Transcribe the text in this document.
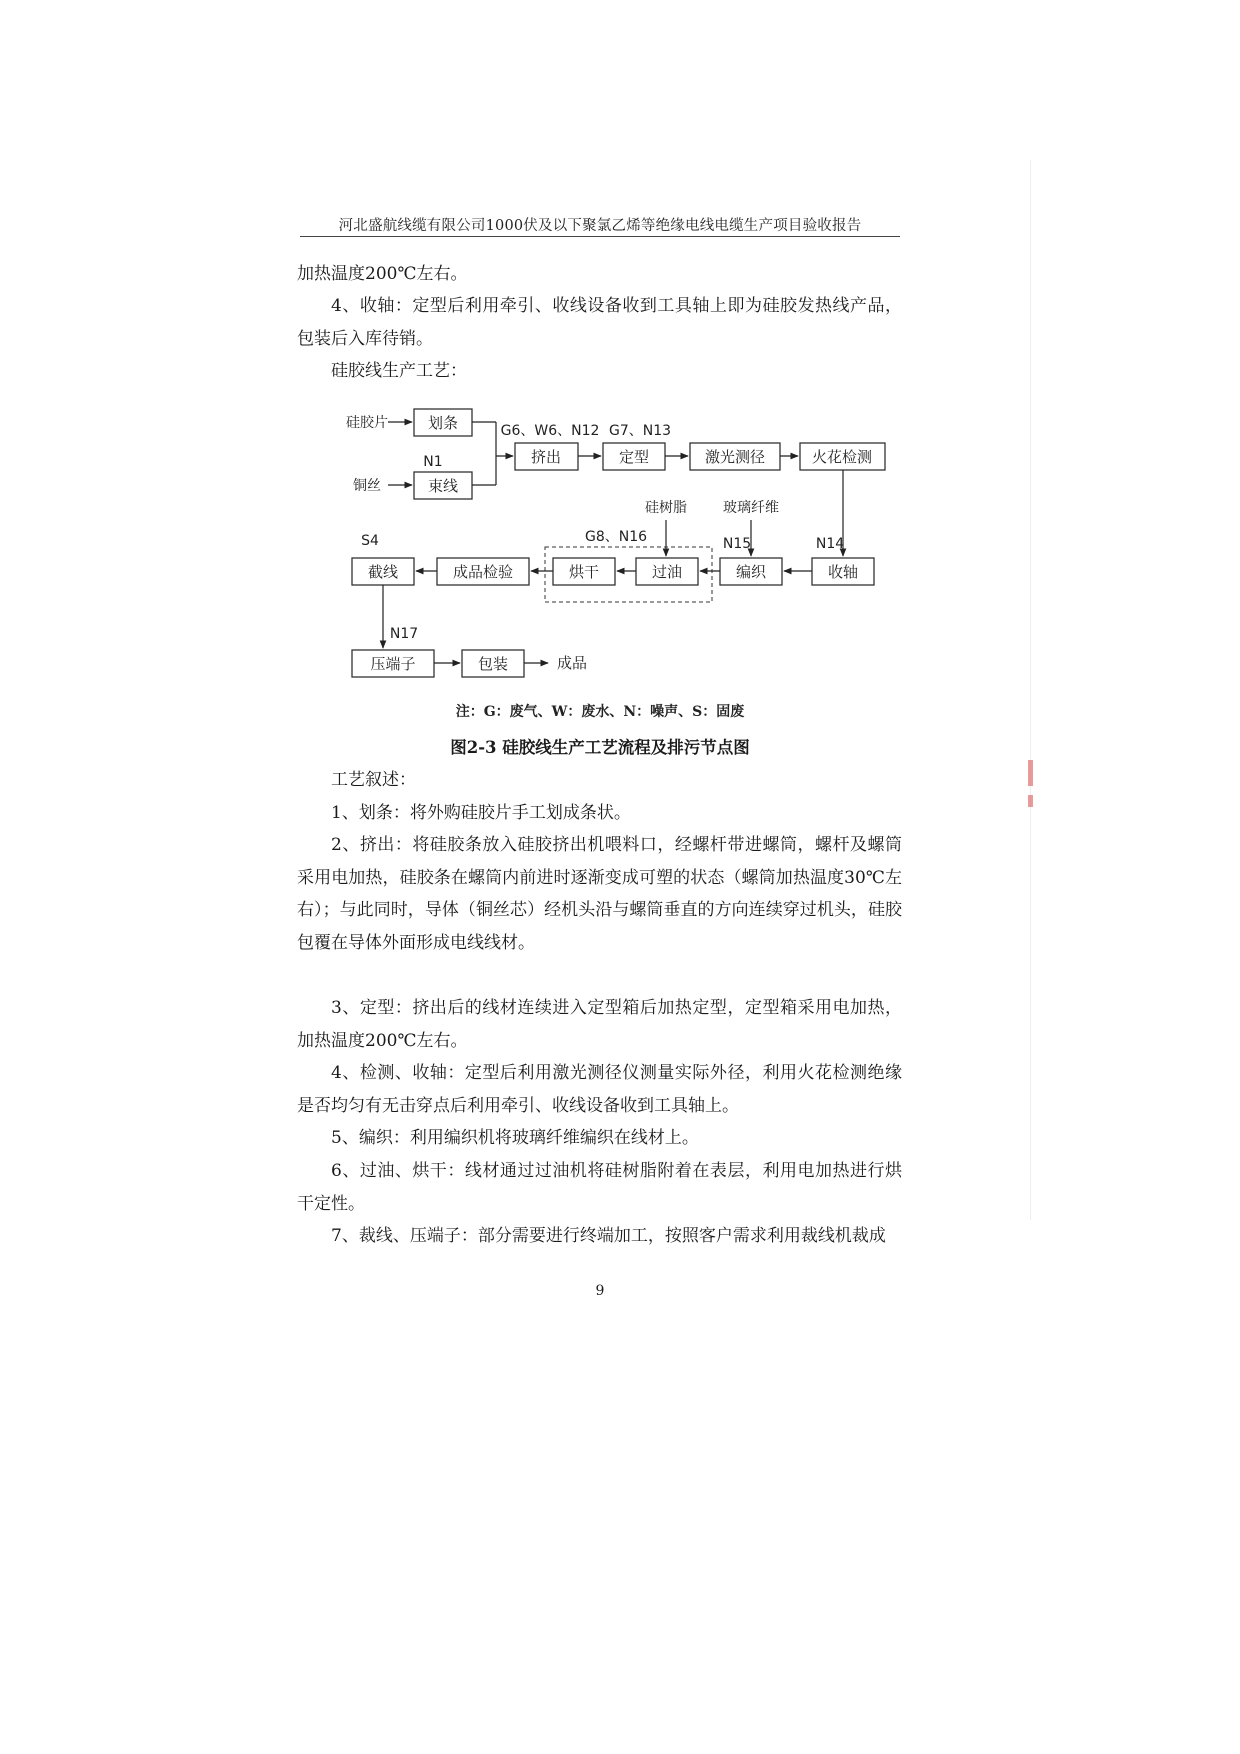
河北盛航线缆有限公司1000伏及以下聚氯乙烯等绝缘电线电缆生产项目验收报告

加热温度200℃左右。

4、收轴：定型后利用牵引、收线设备收到工具轴上即为硅胶发热线产品，包装后入库待销。

硅胶线生产工艺：

硅胶片
铜丝
硅树脂	玻璃纤维
划条
束线
挤出	定型	激光测径	火花检测
收轴
编织
过油
烘干
成品检验
截线
压端子	包装	成品
N1
G6、W6、N12 G7、N13
N14
N15
G8、N16
S4
N17
注：G：废气、W：废水、N：噪声、S：固废
图2-3 硅胶线生产工艺流程及排污节点图

工艺叙述：

1、划条：将外购硅胶片手工划成条状。

2、挤出：将硅胶条放入硅胶挤出机喂料口，经螺杆带进螺筒，螺杆及螺筒采用电加热，硅胶条在螺筒内前进时逐渐变成可塑的状态（螺筒加热温度30℃左右）；与此同时，导体（铜丝芯）经机头沿与螺筒垂直的方向连续穿过机头，硅胶包覆在导体外面形成电线线材。

3、定型：挤出后的线材连续进入定型箱后加热定型，定型箱采用电加热，加热温度200℃左右。

4、检测、收轴：定型后利用激光测径仪测量实际外径，利用火花检测绝缘是否均匀有无击穿点后利用牵引、收线设备收到工具轴上。

5、编织：利用编织机将玻璃纤维编织在线材上。

6、过油、烘干：线材通过过油机将硅树脂附着在表层，利用电加热进行烘干定性。

7、裁线、压端子：部分需要进行终端加工，按照客户需求利用裁线机裁成

9
